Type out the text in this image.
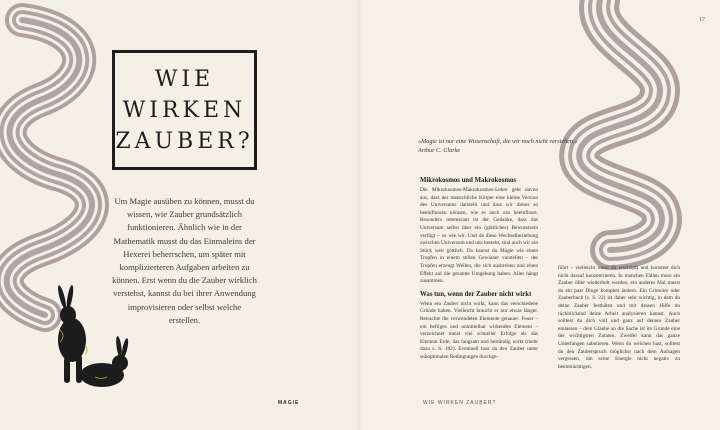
WIE
WIRKEN
ZAUBER?
Um Magie ausüben zu können, musst du wissen, wie Zauber grundsätzlich funktionieren. Ähnlich wie in der Mathematik musst du das Einmaleins der Hexerei beherrschen, um später mit komplizierteren Aufgaben arbeiten zu können. Erst wenn du die Zauber wirklich verstehst, kannst du bei ihrer Anwendung improvisieren oder selbst welche erstellen.
MAGIE
17
»Magie ist nur eine Wissenschaft, die wir noch nicht verstehen.« Arthur C. Clarke
Mikrokosmos und Makrokosmos

Die Mikrokosmos-Makrokosmos-Lehre geht davon aus, dass der menschliche Körper eine kleine Version des Universums darstellt und dass wir dieses so beeinflussen können, wie es auch uns beeinflusst. Besonders interessant ist der Gedanke, dass das Universum selbst über ein (göttliches) Bewusstsein verfügt – so wie wir. Und da diese Wechselbeziehung zwischen Universum und uns besteht, sind auch wir ein Stück weit göttlich. Da kannst du Magie wie einen Tropfen in einem stillen Gewässer vorstellen – der Tropfen erzeugt Wellen, die sich ausbreiten und einen Effekt auf die gesamte Umgebung haben. Alles hängt zusammen.

Was tun, wenn der Zauber nicht wirkt

Wenn ein Zauber nicht wirkt, kann das verschiedene Gründe haben. Vielleicht braucht er nur etwas länger. Betrachte die verwendeten Elemente genauer: Feuer – ein heftiges und unmittelbar wirkendes Element – verzeichnet meist viel schneller Erfolge als das Element Erde, das langsam und beständig wirkt (mehr dazu s. S. 182). Eventuell hast du den Zauber unter suboptimalen Bedingungen durchge-

führt – vielleicht warst du erschöpft und konntest dich nicht darauf konzentrieren. In manchen Fällen muss ein Zauber öfter wiederholt werden, ein anderes Mal musst du ein paar Dinge komplett ändern. Ein Grimoire oder Zauberbuch (s. S. 22) ist daher sehr wichtig, in dem du deine Zauber festhältst und mit dessen Hilfe du rückblickend deine Arbeit analysieren kannst. Auch solltest du dich voll und ganz auf deinen Zauber einlassen – dein Glaube an die Sache ist im Grunde eine der wichtigsten Zutaten. Zweifel kann das ganze Unterfangen sabotieren. Wenn du welchen hast, solltest du den Zauberspruch möglichst nach dem Aufsagen vergessen, um seine Energie nicht negativ zu beeinträchtigen.

WIE WIRKEN ZAUBER?
